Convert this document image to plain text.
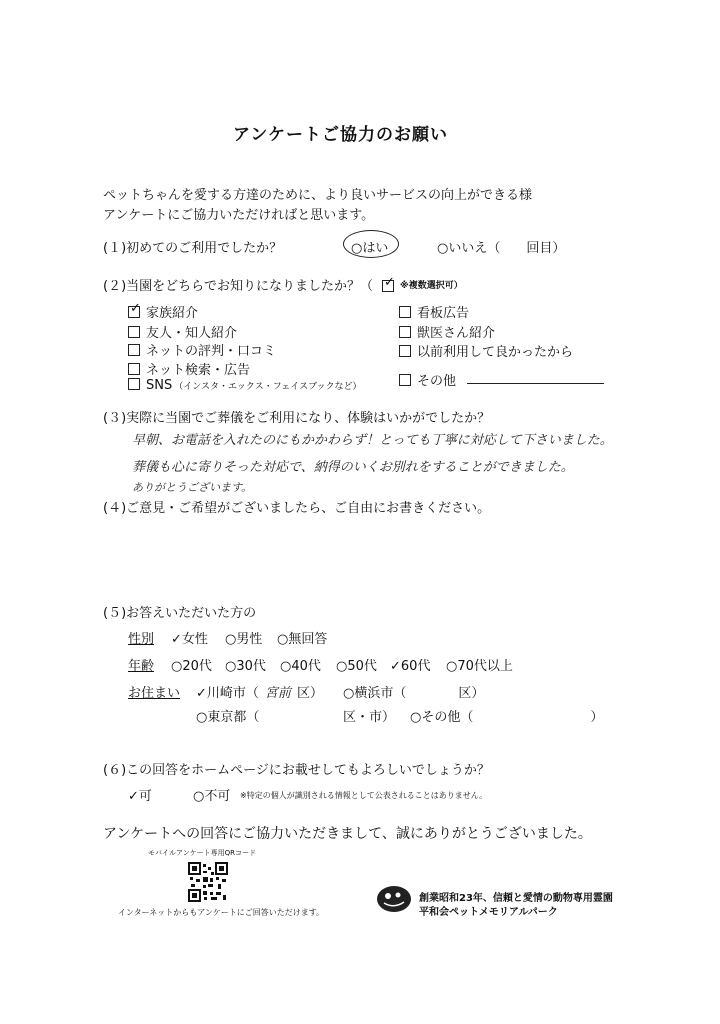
アンケートご協力のお願い
ペットちゃんを愛する方達のために、より良いサービスの向上ができる様
アンケートにご協力いただければと思います。
(１)初めてのご利用でしたか？	○はい	○いいえ（　　回目）
(２)当園をどちらでお知りになりましたか？（
✓	※複数選択可）
✓家族紹介
友人・知人紹介
ネットの評判・口コミ
ネット検索・広告
SNS （インスタ・エックス・フェイスブックなど）
看板広告
獣医さん紹介
以前利用して良かったから
その他
(３)実際に当園でご葬儀をご利用になり、体験はいかがでしたか？
早朝、お電話を入れたのにもかかわらず！とっても丁寧に対応して下さいました。
葬儀も心に寄りそった対応で、納得のいくお別れをすることができました。
ありがとうございます。
(４)ご意見・ご希望がございましたら、ご自由にお書きください。
(５)お答えいただいた方の
性別 ✓女性 ○男性 ○無回答
年齢 ○20代 ○30代 ○40代 ○50代 ✓60代 ○70代以上
お住まい ✓川崎市（ 宮前 区） ○横浜市（　　　　区）
○東京都（	区・市） ○その他（　　　　　　　　　）
(６)この回答をホームページにお載せしてもよろしいでしょうか？
✓可	○不可 ※特定の個人が識別される情報として公表されることはありません。
アンケートへの回答にご協力いただきまして、誠にありがとうございました。
モバイルアンケート専用QRコード
インターネットからもアンケートにご回答いただけます。
創業昭和23年、信頼と愛情の動物専用霊園
平和会ペットメモリアルパーク
